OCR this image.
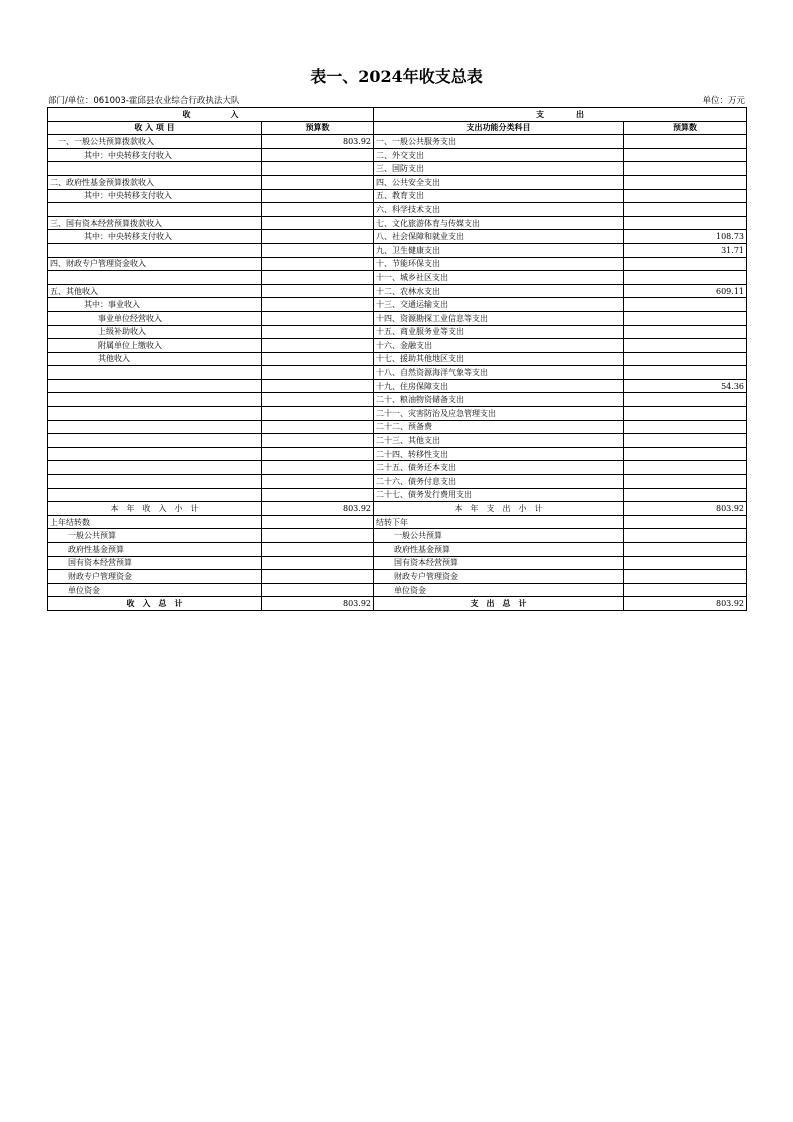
表一、2024年收支总表
部门/单位：061003-霍邱县农业综合行政执法大队	单位：万元
收　　　　　入		支　　　　出	
收 入 项 目	预算数	支出功能分类科目	预算数
一、一般公共预算拨款收入	803.92	一、一般公共服务支出	
其中：中央转移支付收入		二、外交支出	
		三、国防支出	
二、政府性基金预算拨款收入		四、公共安全支出	
其中：中央转移支付收入		五、教育支出	
		六、科学技术支出	
三、国有资本经营预算拨款收入		七、文化旅游体育与传媒支出	
其中：中央转移支付收入		八、社会保障和就业支出	108.73
		九、卫生健康支出	31.71
四、财政专户管理资金收入		十、节能环保支出	
		十一、城乡社区支出	
五、其他收入		十二、农林水支出	609.11
其中：事业收入		十三、交通运输支出	
事业单位经营收入		十四、资源勘探工业信息等支出	
上级补助收入		十五、商业服务业等支出	
附属单位上缴收入		十六、金融支出	
其他收入		十七、援助其他地区支出	
		十八、自然资源海洋气象等支出	
		十九、住房保障支出	54.36
		二十、粮油物资储备支出	
		二十一、灾害防治及应急管理支出	
		二十二、预备费	
		二十三、其他支出	
		二十四、转移性支出	
		二十五、债务还本支出	
		二十六、债务付息支出	
		二十七、债务发行费用支出	
本　年　收　入　小　计	803.92	本　年　支　出　小　计	803.92
上年结转数		结转下年	
一般公共预算		一般公共预算	
政府性基金预算		政府性基金预算	
国有资本经营预算		国有资本经营预算	
财政专户管理资金		财政专户管理资金	
单位资金		单位资金	
收　入　总　计	803.92	支　出　总　计	803.92
